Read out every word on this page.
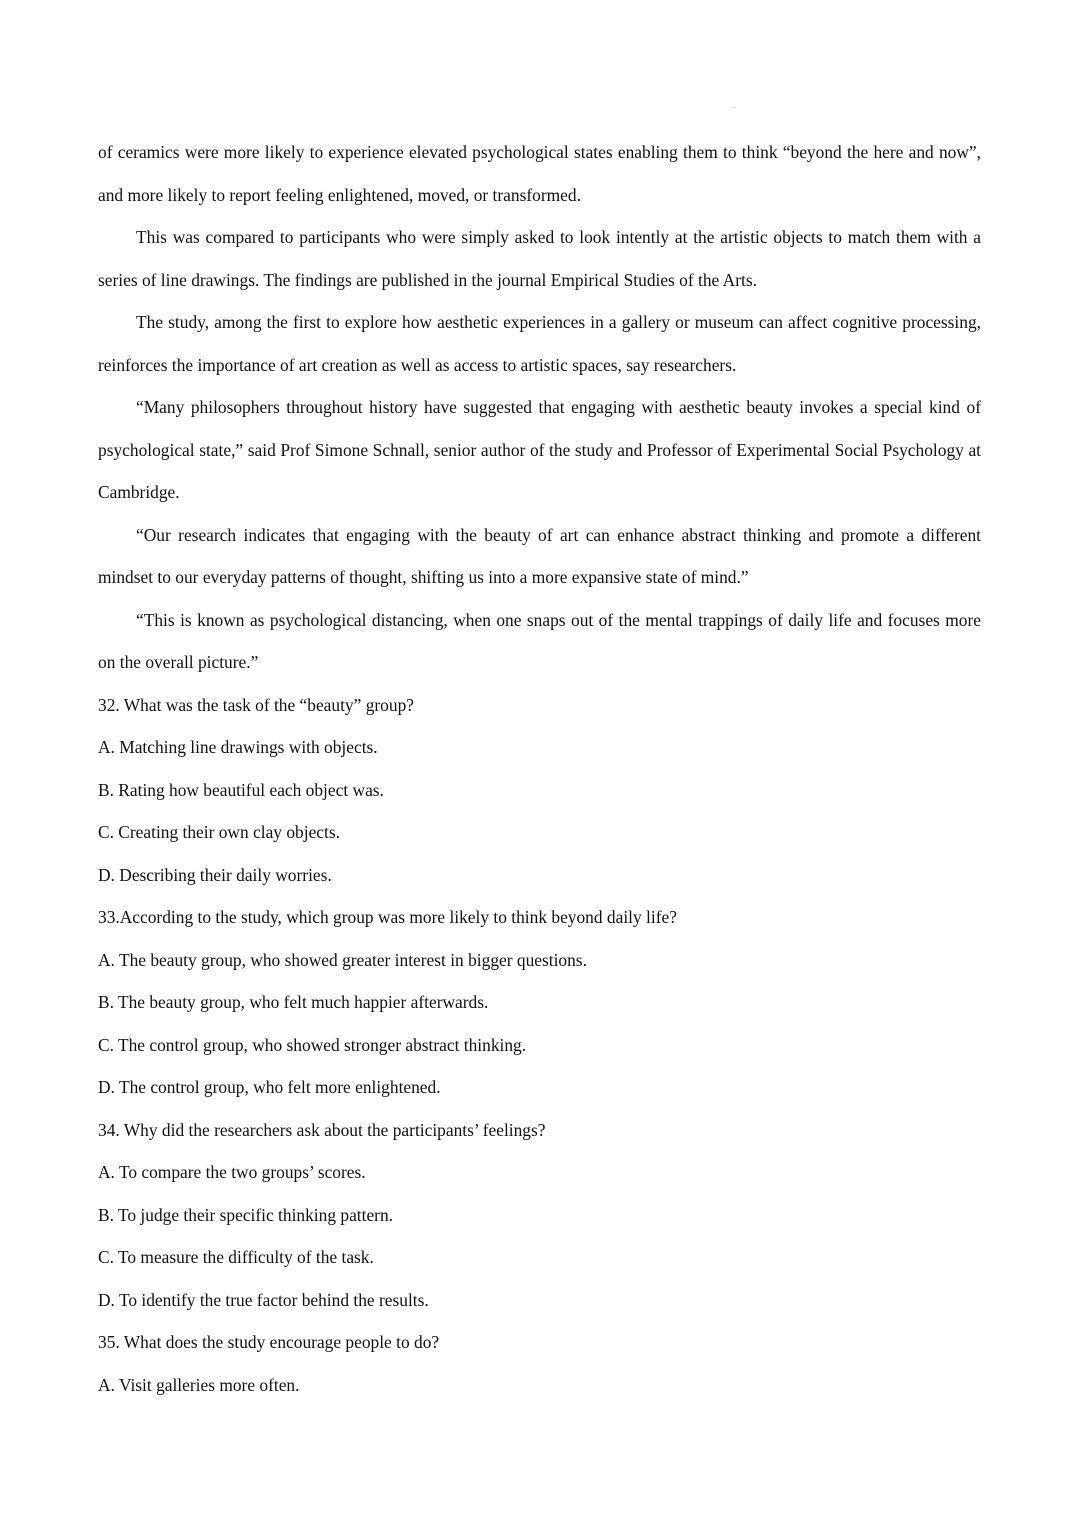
of ceramics were more likely to experience elevated psychological states enabling them to think “beyond the here and now”, and more likely to report feeling enlightened, moved, or transformed.

This was compared to participants who were simply asked to look intently at the artistic objects to match them with a series of line drawings. The findings are published in the journal Empirical Studies of the Arts.

The study, among the first to explore how aesthetic experiences in a gallery or museum can affect cognitive processing, reinforces the importance of art creation as well as access to artistic spaces, say researchers.

“Many philosophers throughout history have suggested that engaging with aesthetic beauty invokes a special kind of psychological state,” said Prof Simone Schnall, senior author of the study and Professor of Experimental Social Psychology at Cambridge.

“Our research indicates that engaging with the beauty of art can enhance abstract thinking and promote a different mindset to our everyday patterns of thought, shifting us into a more expansive state of mind.”

“This is known as psychological distancing, when one snaps out of the mental trappings of daily life and focuses more on the overall picture.”

32. What was the task of the “beauty” group?

A. Matching line drawings with objects.

B. Rating how beautiful each object was.

C. Creating their own clay objects.

D. Describing their daily worries.

33.According to the study, which group was more likely to think beyond daily life?

A. The beauty group, who showed greater interest in bigger questions.

B. The beauty group, who felt much happier afterwards.

C. The control group, who showed stronger abstract thinking.

D. The control group, who felt more enlightened.

34. Why did the researchers ask about the participants’ feelings?

A. To compare the two groups’ scores.

B. To judge their specific thinking pattern.

C. To measure the difficulty of the task.

D. To identify the true factor behind the results.

35. What does the study encourage people to do?

A. Visit galleries more often.
